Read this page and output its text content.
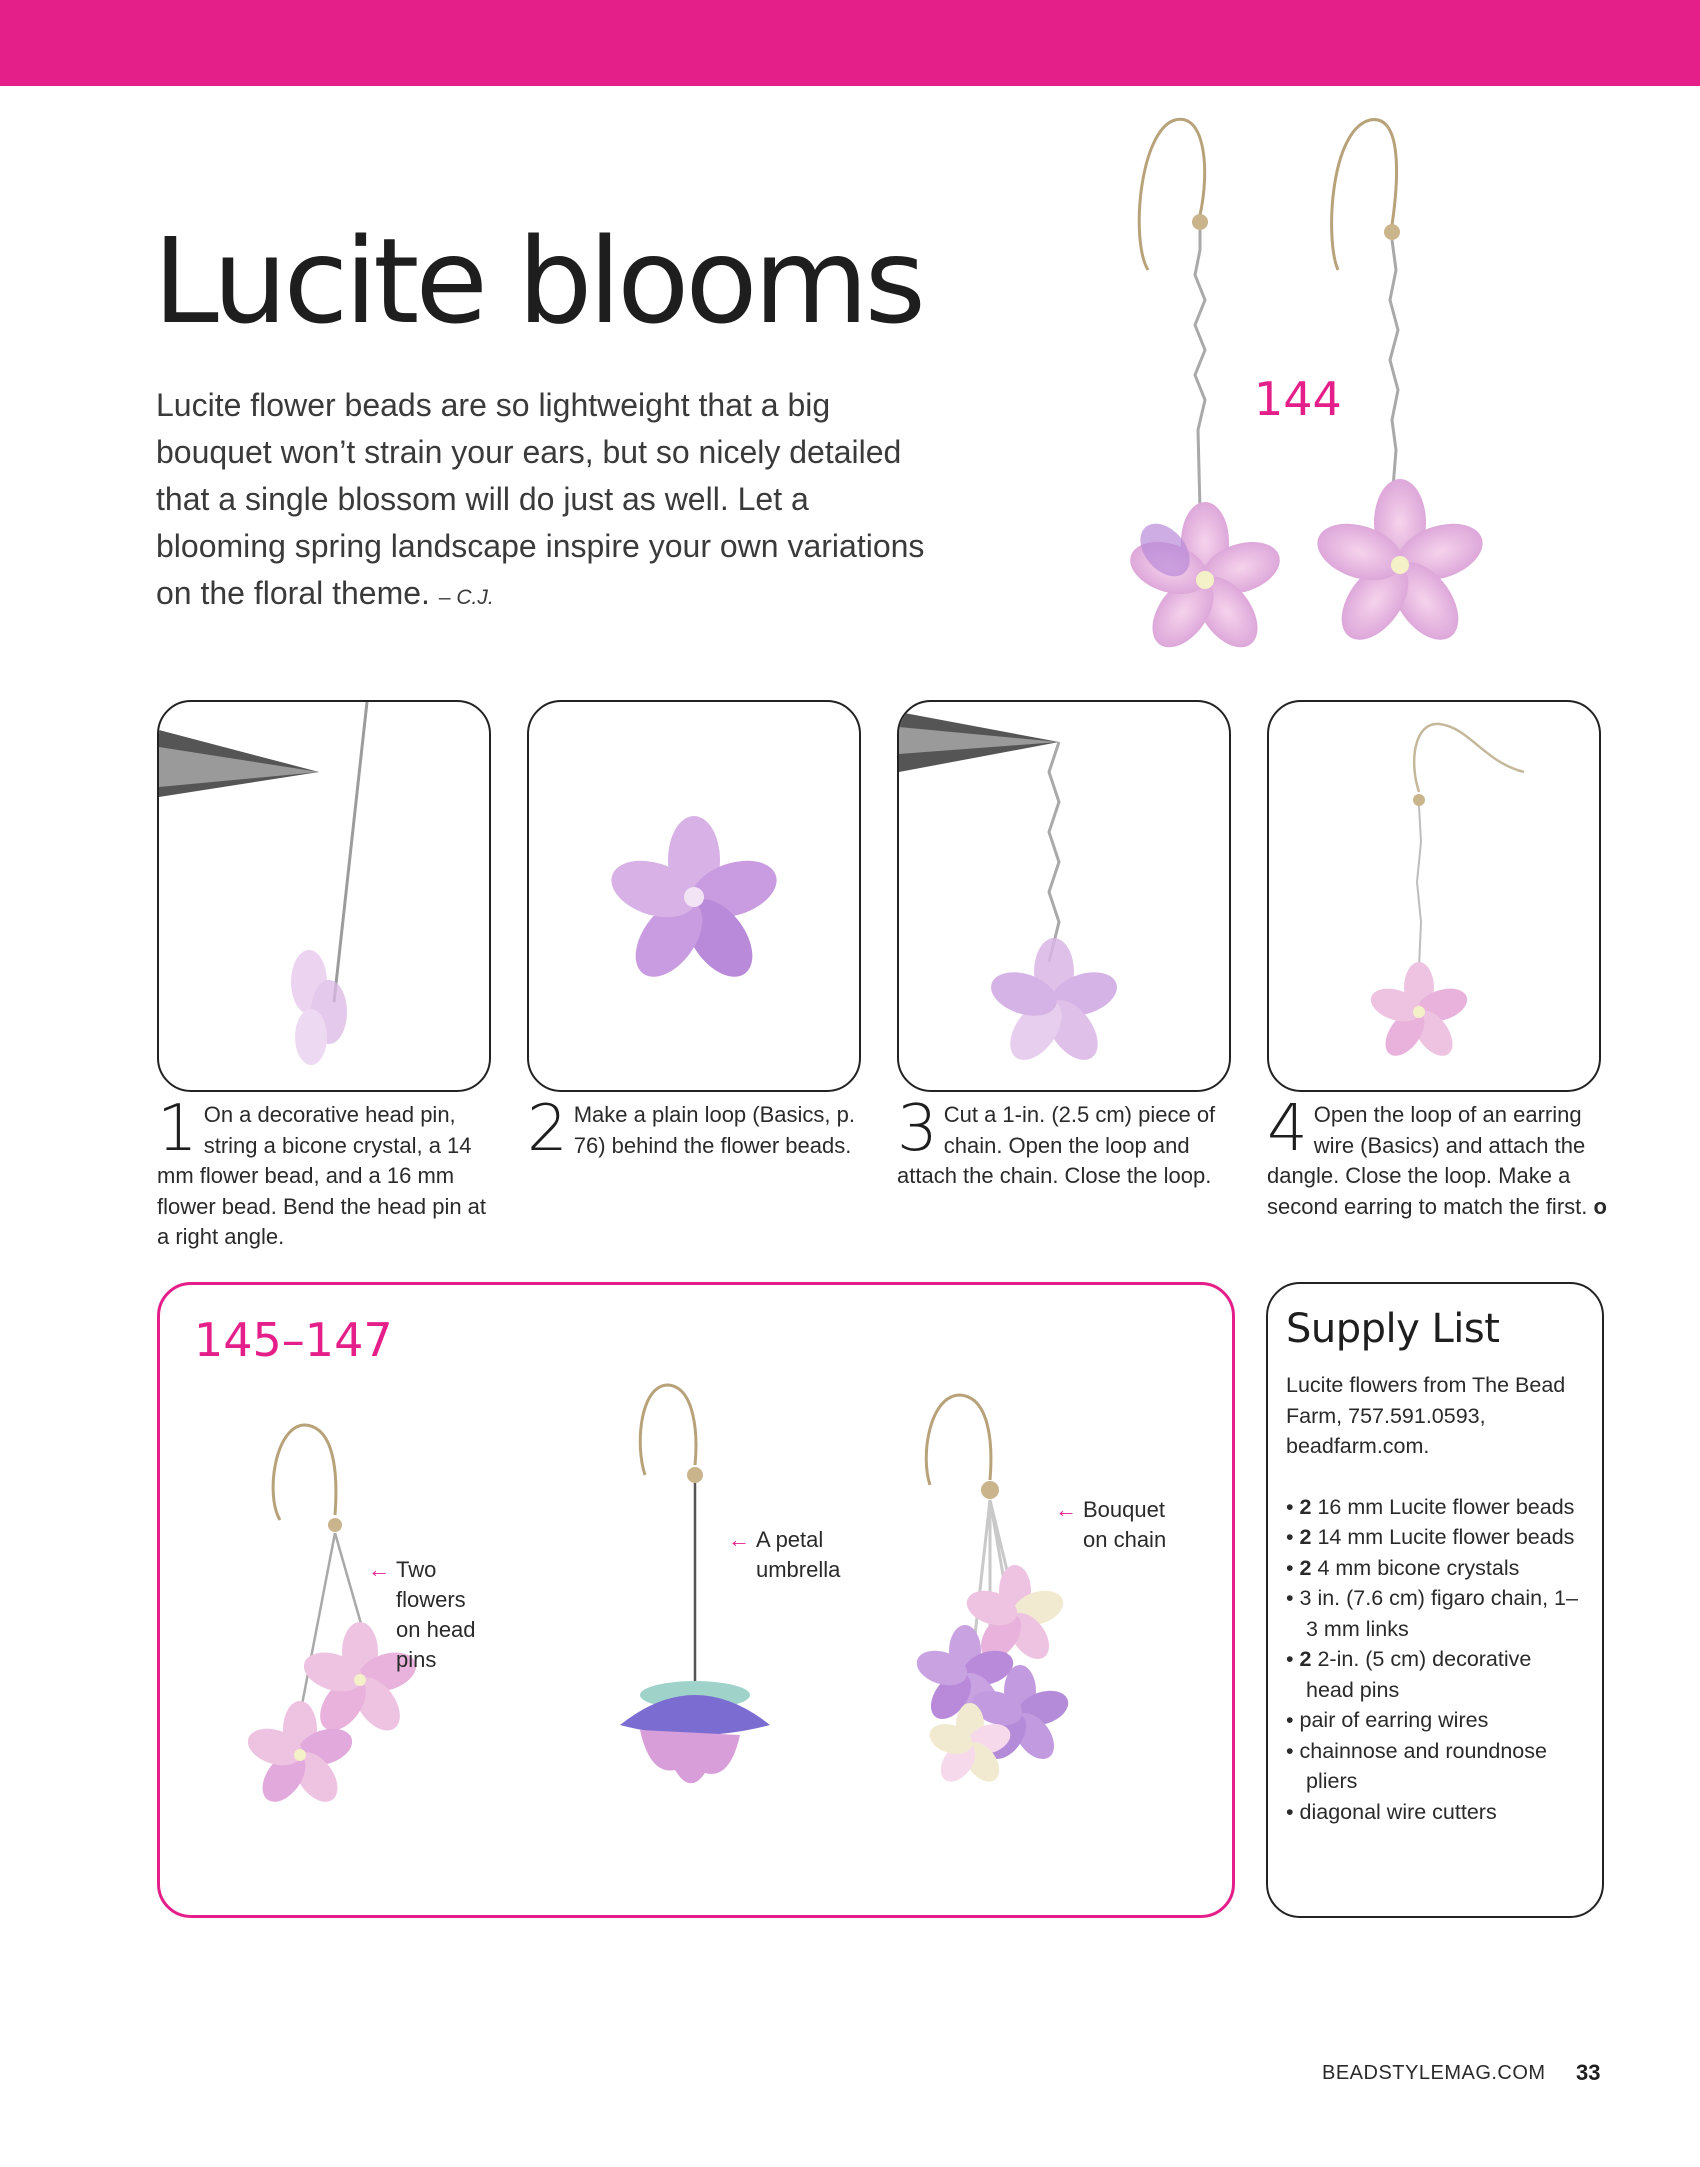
Lucite blooms

Lucite flower beads are so lightweight that a big bouquet won’t strain your ears, but so nicely detailed that a single blossom will do just as well. Let a blooming spring landscape inspire your own variations on the floral theme. – C.J.

144
1 On a decorative head pin, string a bicone crystal, a 14 mm flower bead, and a 16 mm flower bead. Bend the head pin at a right angle.
2 Make a plain loop (Basics, p. 76) behind the flower beads. 3 Cut a 1-in. (2.5 cm) piece of chain. Open the loop and attach the chain. Close the loop.
4 Open the loop of an earring wire (Basics) and attach the dangle. Close the loop. Make a second earring to match the first. o
145–147
← Two
flowers
on head
pins
← A petal
umbrella
← Bouquet
on chain
Supply List

Lucite flowers from The Bead Farm, 757.591.0593, beadfarm.com.

• 2 16 mm Lucite flower beads
• 2 14 mm Lucite flower beads
• 2 4 mm bicone crystals
• 3 in. (7.6 cm) figaro chain, 1–3 mm links
• 2 2-in. (5 cm) decorative head pins
• pair of earring wires
• chainnose and roundnose pliers
• diagonal wire cutters
BEADSTYLEMAG.COM 33
